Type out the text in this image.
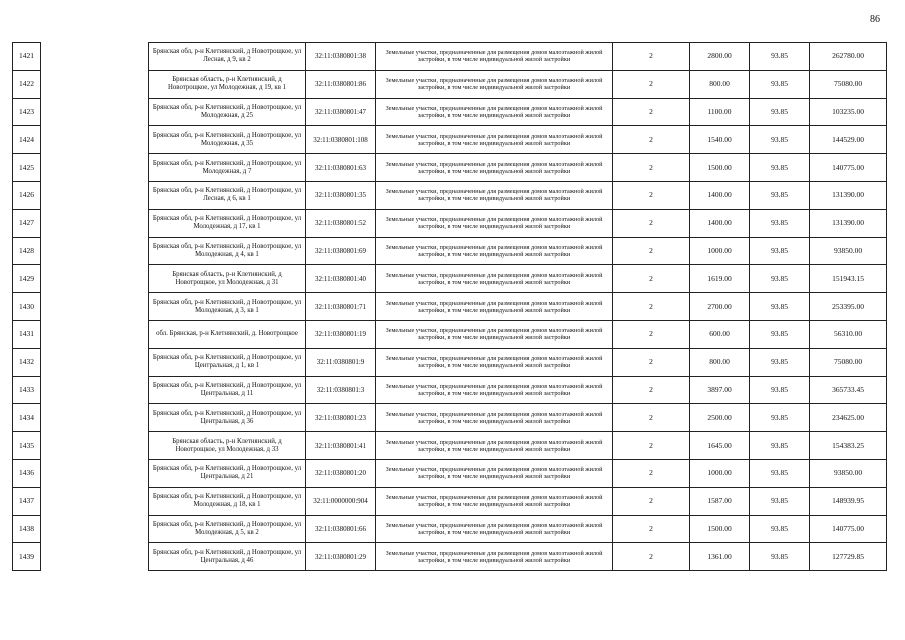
86
1421		Брянская обл, р-н Клетнянский, д Новотрощкое, ул Лесная, д 9, кв 2	32:11:0380801:38	Земельные участки, предназначенные для размещения домов малоэтажной жилой застройки, в том числе индивидуальной жилой застройки	2	2800.00	93.85	262780.00
1422		Брянская область, р-н Клетнянский, д Новотрощкое, ул Молодежная, д 19, кв 1	32:11:0380801:86	Земельные участки, предназначенные для размещения домов малоэтажной жилой застройки, в том числе индивидуальной жилой застройки	2	800.00	93.85	75080.00
1423		Брянская обл, р-н Клетнянский, д Новотрощкое, ул Молодежная, д 25	32:11:0380801:47	Земельные участки, предназначенные для размещения домов малоэтажной жилой застройки, в том числе индивидуальной жилой застройки	2	1100.00	93.85	103235.00
1424		Брянская обл, р-н Клетнянский, д Новотрощкое, ул Молодежная, д 35	32:11:0380801:108	Земельные участки, предназначенные для размещения домов малоэтажной жилой застройки, в том числе индивидуальной жилой застройки	2	1540.00	93.85	144529.00
1425		Брянская обл, р-н Клетнянский, д Новотрощкое, ул Молодежная, д 7	32:11:0380801:63	Земельные участки, предназначенные для размещения домов малоэтажной жилой застройки, в том числе индивидуальной жилой застройки	2	1500.00	93.85	140775.00
1426		Брянская обл, р-н Клетнянский, д Новотрощкое, ул Лесная, д 6, кв 1	32:11:0380801:35	Земельные участки, предназначенные для размещения домов малоэтажной жилой застройки, в том числе индивидуальной жилой застройки	2	1400.00	93.85	131390.00
1427		Брянская обл, р-н Клетнянский, д Новотрощкое, ул Молодежная, д 17, кв 1	32:11:0380801:52	Земельные участки, предназначенные для размещения домов малоэтажной жилой застройки, в том числе индивидуальной жилой застройки	2	1400.00	93.85	131390.00
1428		Брянская обл, р-н Клетнянский, д Новотрощкое, ул Молодежная, д 4, кв 1	32:11:0380801:69	Земельные участки, предназначенные для размещения домов малоэтажной жилой застройки, в том числе индивидуальной жилой застройки	2	1000.00	93.85	93850.00
1429		Брянская область, р-н Клетнянский, д Новотрощкое, ул Молодежная, д 31	32:11:0380801:40	Земельные участки, предназначенные для размещения домов малоэтажной жилой застройки, в том числе индивидуальной жилой застройки	2	1619.00	93.85	151943.15
1430		Брянская обл, р-н Клетнянский, д Новотрощкое, ул Молодежная, д 3, кв 1	32:11:0380801:71	Земельные участки, предназначенные для размещения домов малоэтажной жилой застройки, в том числе индивидуальной жилой застройки	2	2700.00	93.85	253395.00
1431		обл. Брянская, р-н Клетнянский, д. Новотрощкое	32:11:0380801:19	Земельные участки, предназначенные для размещения домов малоэтажной жилой застройки, в том числе индивидуальной жилой застройки	2	600.00	93.85	56310.00
1432		Брянская обл, р-н Клетнянский, д Новотрощкое, ул Центральная, д 1, кв 1	32:11:0380801:9	Земельные участки, предназначенные для размещения домов малоэтажной жилой застройки, в том числе индивидуальной жилой застройки	2	800.00	93.85	75080.00
1433		Брянская обл, р-н Клетнянский, д Новотрощкое, ул Центральная, д 11	32:11:0380801:3	Земельные участки, предназначенные для размещения домов малоэтажной жилой застройки, в том числе индивидуальной жилой застройки	2	3897.00	93.85	365733.45
1434		Брянская обл, р-н Клетнянский, д Новотрощкое, ул Центральная, д 36	32:11:0380801:23	Земельные участки, предназначенные для размещения домов малоэтажной жилой застройки, в том числе индивидуальной жилой застройки	2	2500.00	93.85	234625.00
1435		Брянская область, р-н Клетнянский, д Новотрощкое, ул Молодежная, д 33	32:11:0380801:41	Земельные участки, предназначенные для размещения домов малоэтажной жилой застройки, в том числе индивидуальной жилой застройки	2	1645.00	93.85	154383.25
1436		Брянская обл, р-н Клетнянский, д Новотрощкое, ул Центральная, д 21	32:11:0380801:20	Земельные участки, предназначенные для размещения домов малоэтажной жилой застройки, в том числе индивидуальной жилой застройки	2	1000.00	93.85	93850.00
1437		Брянская обл, р-н Клетнянский, д Новотрощкое, ул Молодежная, д 18, кв 1	32:11:0000000:904	Земельные участки, предназначенные для размещения домов малоэтажной жилой застройки, в том числе индивидуальной жилой застройки	2	1587.00	93.85	148939.95
1438		Брянская обл, р-н Клетнянский, д Новотрощкое, ул Молодежная, д 5, кв 2	32:11:0380801:66	Земельные участки, предназначенные для размещения домов малоэтажной жилой застройки, в том числе индивидуальной жилой застройки	2	1500.00	93.85	140775.00
1439		Брянская обл, р-н Клетнянский, д Новотрощкое, ул Центральная, д 46	32:11:0380801:29	Земельные участки, предназначенные для размещения домов малоэтажной жилой застройки, в том числе индивидуальной жилой застройки	2	1361.00	93.85	127729.85
